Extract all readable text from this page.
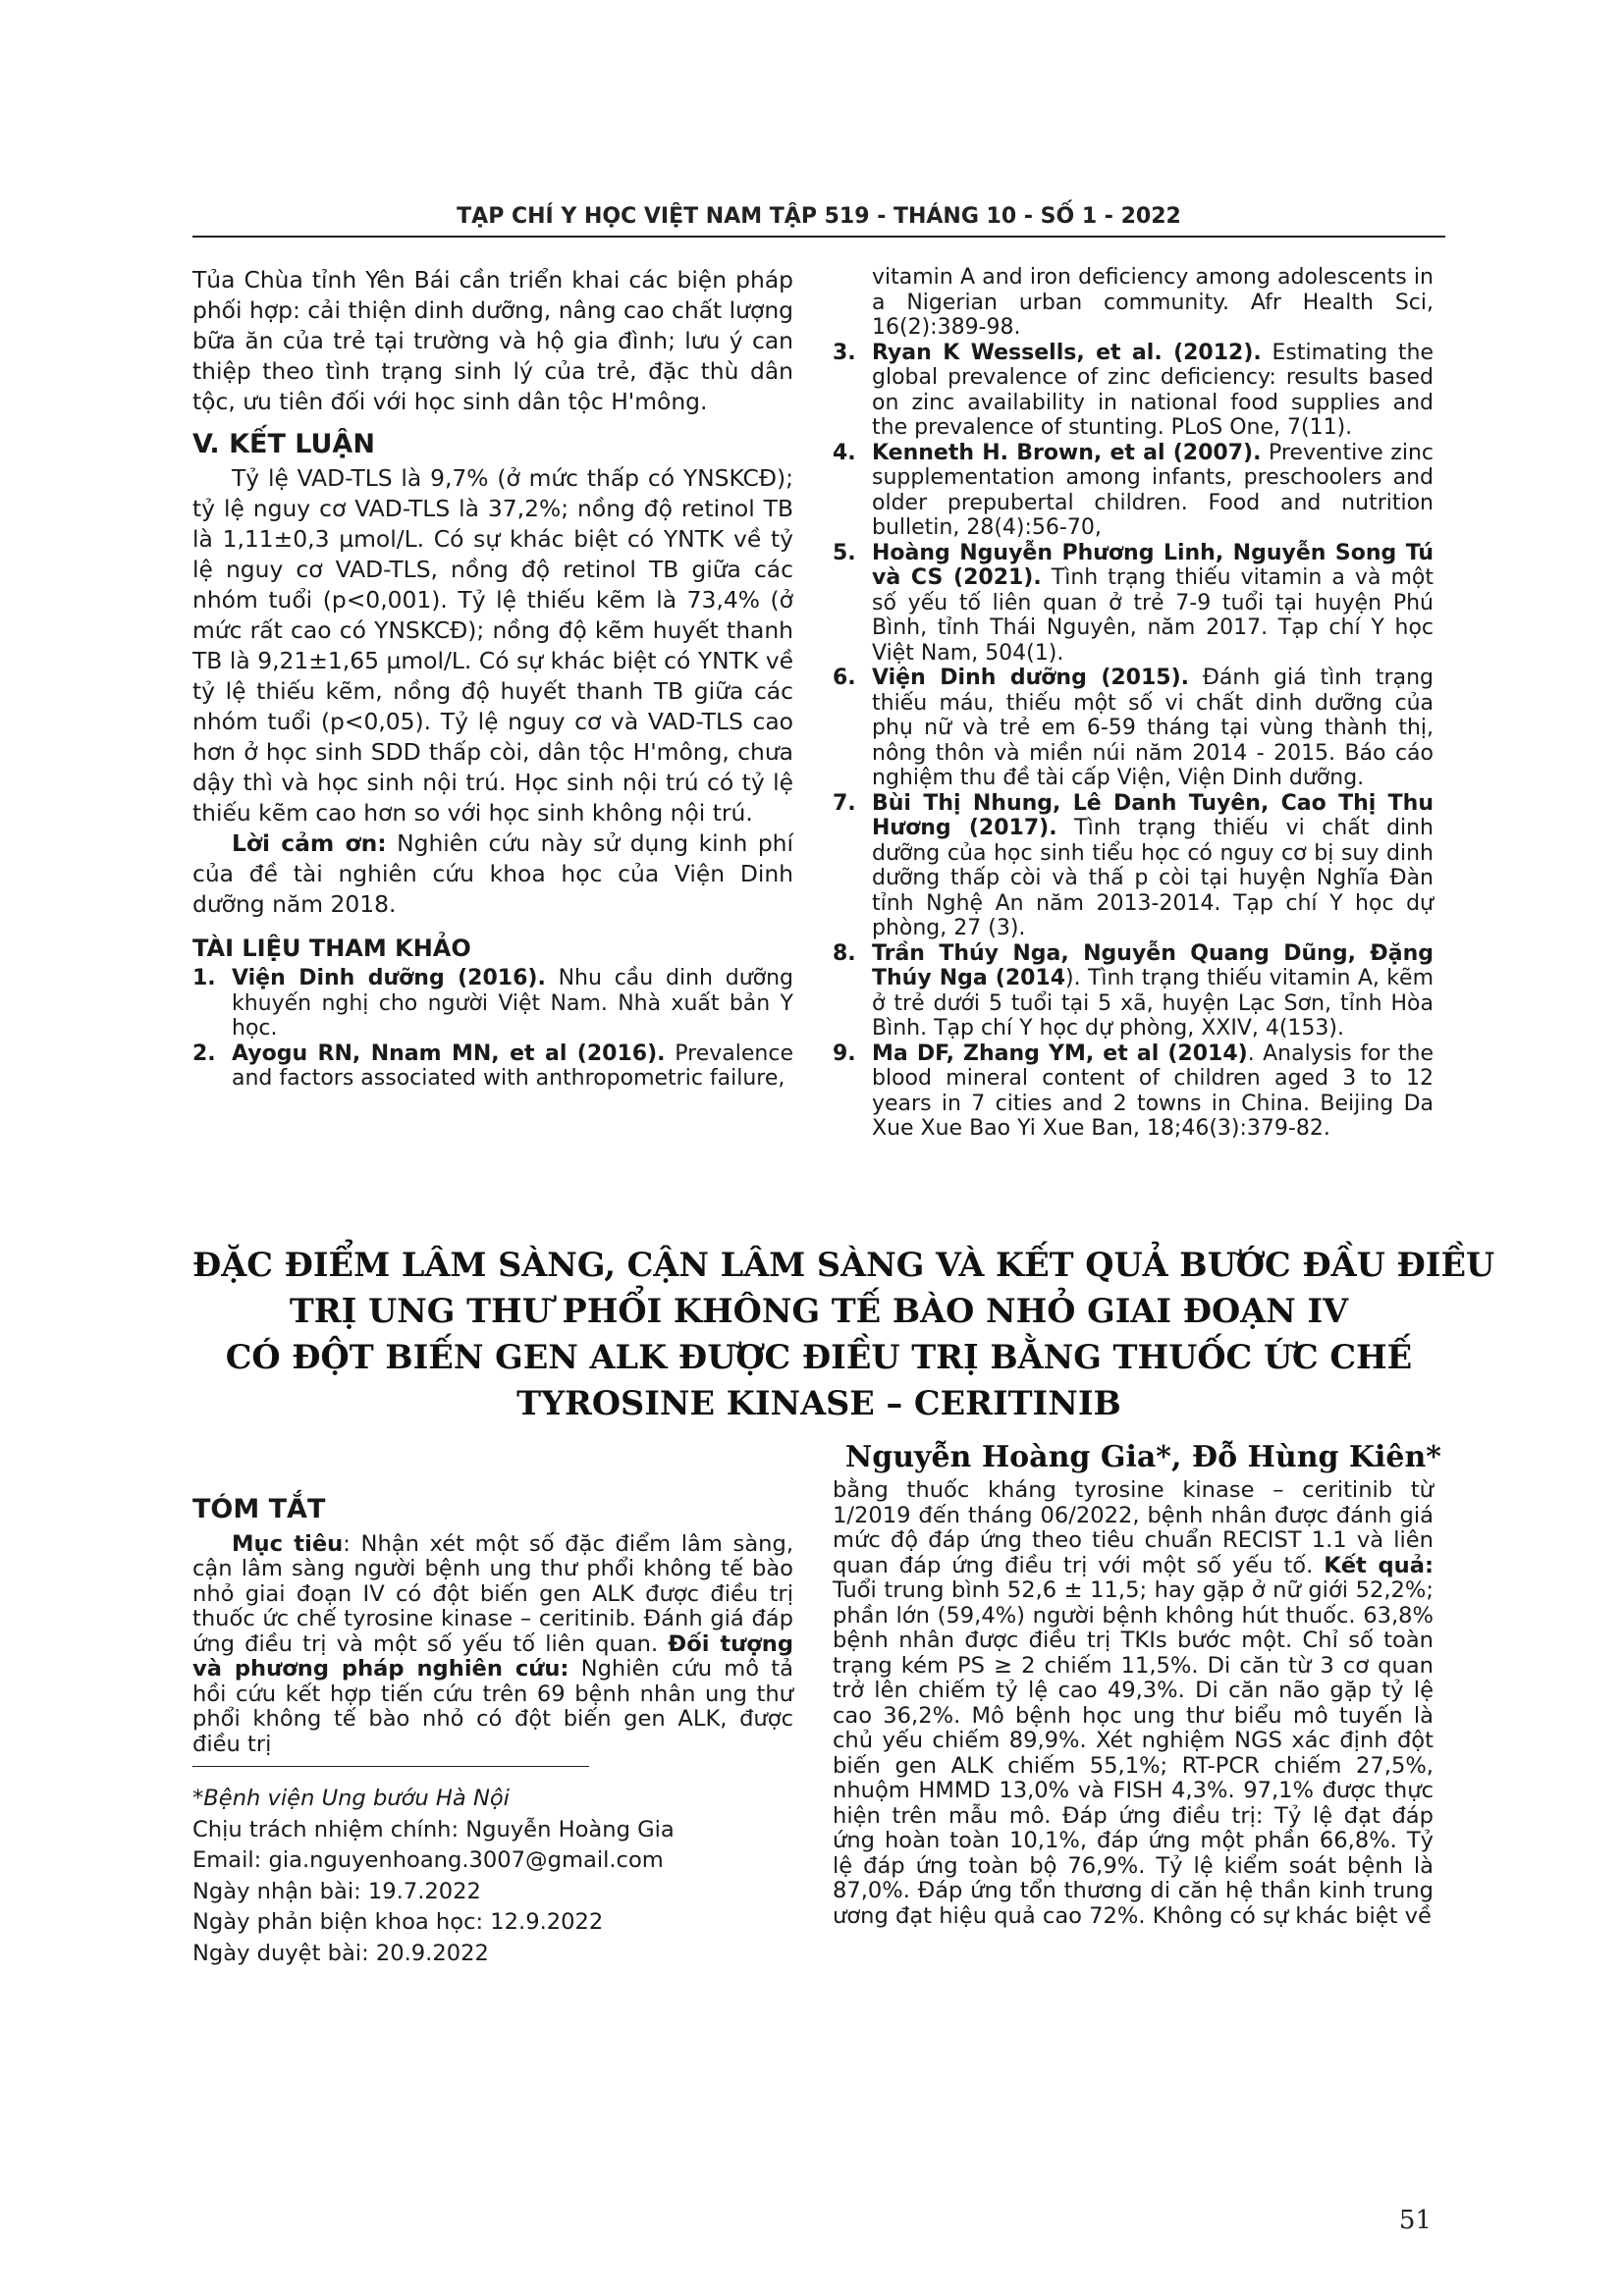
TẠP CHÍ Y HỌC VIỆT NAM TẬP 519 - THÁNG 10 - SỐ 1 - 2022

Tủa Chùa tỉnh Yên Bái cần triển khai các biện pháp phối hợp: cải thiện dinh dưỡng, nâng cao chất lượng bữa ăn của trẻ tại trường và hộ gia đình; lưu ý can thiệp theo tình trạng sinh lý của trẻ, đặc thù dân tộc, ưu tiên đối với học sinh dân tộc H'mông.

V. KẾT LUẬN

Tỷ lệ VAD-TLS là 9,7% (ở mức thấp có YNSKCĐ); tỷ lệ nguy cơ VAD-TLS là 37,2%; nồng độ retinol TB là 1,11±0,3 µmol/L. Có sự khác biệt có YNTK về tỷ lệ nguy cơ VAD-TLS, nồng độ retinol TB giữa các nhóm tuổi (p<0,001). Tỷ lệ thiếu kẽm là 73,4% (ở mức rất cao có YNSKCĐ); nồng độ kẽm huyết thanh TB là 9,21±1,65 µmol/L. Có sự khác biệt có YNTK về tỷ lệ thiếu kẽm, nồng độ huyết thanh TB giữa các nhóm tuổi (p<0,05). Tỷ lệ nguy cơ và VAD-TLS cao hơn ở học sinh SDD thấp còi, dân tộc H'mông, chưa dậy thì và học sinh nội trú. Học sinh nội trú có tỷ lệ thiếu kẽm cao hơn so với học sinh không nội trú.

Lời cảm ơn: Nghiên cứu này sử dụng kinh phí của đề tài nghiên cứu khoa học của Viện Dinh dưỡng năm 2018.

TÀI LIỆU THAM KHẢO
1. Viện Dinh dưỡng (2016). Nhu cầu dinh dưỡng khuyến nghị cho người Việt Nam. Nhà xuất bản Y học.
2. Ayogu RN, Nnam MN, et al (2016). Prevalence and factors associated with anthropometric failure,
vitamin A and iron deficiency among adolescents in a Nigerian urban community. Afr Health Sci, 16(2):389-98.
3. Ryan K Wessells, et al. (2012). Estimating the global prevalence of zinc deficiency: results based on zinc availability in national food supplies and the prevalence of stunting. PLoS One, 7(11).
4. Kenneth H. Brown, et al (2007). Preventive zinc supplementation among infants, preschoolers and older prepubertal children. Food and nutrition bulletin, 28(4):56-70,
5. Hoàng Nguyễn Phương Linh, Nguyễn Song Tú và CS (2021). Tình trạng thiếu vitamin a và một số yếu tố liên quan ở trẻ 7-9 tuổi tại huyện Phú Bình, tỉnh Thái Nguyên, năm 2017. Tạp chí Y học Việt Nam, 504(1).
6. Viện Dinh dưỡng (2015). Đánh giá tình trạng thiếu máu, thiếu một số vi chất dinh dưỡng của phụ nữ và trẻ em 6-59 tháng tại vùng thành thị, nông thôn và miền núi năm 2014 - 2015. Báo cáo nghiệm thu đề tài cấp Viện, Viện Dinh dưỡng.
7. Bùi Thị Nhung, Lê Danh Tuyên, Cao Thị Thu Hương (2017). Tình trạng thiếu vi chất dinh dưỡng của học sinh tiểu học có nguy cơ bị suy dinh dưỡng thấp còi và thấ p còi tại huyện Nghĩa Đàn tỉnh Nghệ An năm 2013-2014. Tạp chí Y học dự phòng, 27 (3).
8. Trần Thúy Nga, Nguyễn Quang Dũng, Đặng Thúy Nga (2014). Tình trạng thiếu vitamin A, kẽm ở trẻ dưới 5 tuổi tại 5 xã, huyện Lạc Sơn, tỉnh Hòa Bình. Tạp chí Y học dự phòng, XXIV, 4(153).
9. Ma DF, Zhang YM, et al (2014). Analysis for the blood mineral content of children aged 3 to 12 years in 7 cities and 2 towns in China. Beijing Da Xue Xue Bao Yi Xue Ban, 18;46(3):379-82.
ĐẶC ĐIỂM LÂM SÀNG, CẬN LÂM SÀNG VÀ KẾT QUẢ BƯỚC ĐẦU ĐIỀU
TRỊ UNG THƯ PHỔI KHÔNG TẾ BÀO NHỎ GIAI ĐOẠN IV
CÓ ĐỘT BIẾN GEN ALK ĐƯỢC ĐIỀU TRỊ BẰNG THUỐC ỨC CHẾ
TYROSINE KINASE – CERITINIB
Nguyễn Hoàng Gia*, Đỗ Hùng Kiên*
TÓM TẮT

Mục tiêu: Nhận xét một số đặc điểm lâm sàng, cận lâm sàng người bệnh ung thư phổi không tế bào nhỏ giai đoạn IV có đột biến gen ALK được điều trị thuốc ức chế tyrosine kinase – ceritinib. Đánh giá đáp ứng điều trị và một số yếu tố liên quan. Đối tượng và phương pháp nghiên cứu: Nghiên cứu mô tả hồi cứu kết hợp tiến cứu trên 69 bệnh nhân ung thư phổi không tế bào nhỏ có đột biến gen ALK, được điều trị

*Bệnh viện Ung bướu Hà Nội
Chịu trách nhiệm chính: Nguyễn Hoàng Gia
Email: gia.nguyenhoang.3007@gmail.com
Ngày nhận bài: 19.7.2022
Ngày phản biện khoa học: 12.9.2022
Ngày duyệt bài: 20.9.2022

bằng thuốc kháng tyrosine kinase – ceritinib từ 1/2019 đến tháng 06/2022, bệnh nhân được đánh giá mức độ đáp ứng theo tiêu chuẩn RECIST 1.1 và liên quan đáp ứng điều trị với một số yếu tố. Kết quả: Tuổi trung bình 52,6 ± 11,5; hay gặp ở nữ giới 52,2%; phần lớn (59,4%) người bệnh không hút thuốc. 63,8% bệnh nhân được điều trị TKIs bước một. Chỉ số toàn trạng kém PS ≥ 2 chiếm 11,5%. Di căn từ 3 cơ quan trở lên chiếm tỷ lệ cao 49,3%. Di căn não gặp tỷ lệ cao 36,2%. Mô bệnh học ung thư biểu mô tuyến là chủ yếu chiếm 89,9%. Xét nghiệm NGS xác định đột biến gen ALK chiếm 55,1%; RT-PCR chiếm 27,5%, nhuộm HMMD 13,0% và FISH 4,3%. 97,1% được thực hiện trên mẫu mô. Đáp ứng điều trị: Tỷ lệ đạt đáp ứng hoàn toàn 10,1%, đáp ứng một phần 66,8%. Tỷ lệ đáp ứng toàn bộ 76,9%. Tỷ lệ kiểm soát bệnh là 87,0%. Đáp ứng tổn thương di căn hệ thần kinh trung ương đạt hiệu quả cao 72%. Không có sự khác biệt về

51
